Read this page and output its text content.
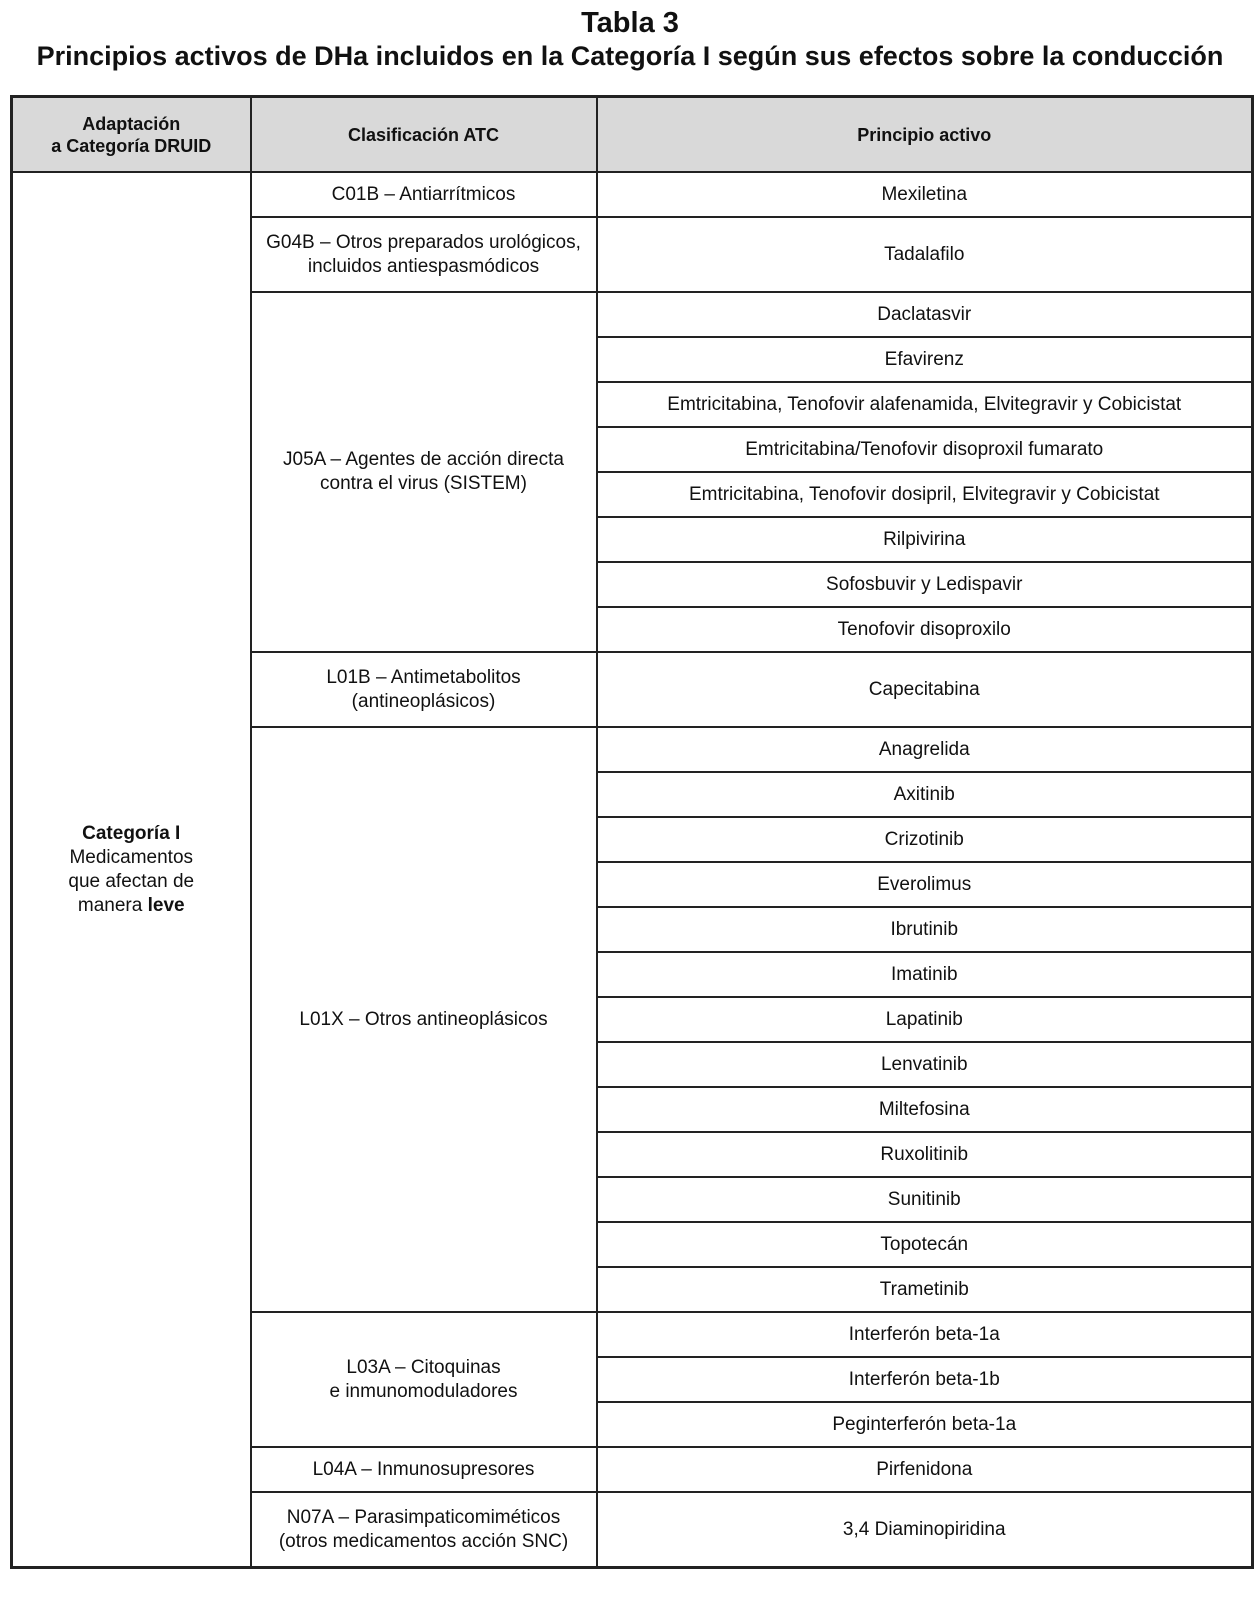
Tabla 3
Principios activos de DHa incluidos en la Categoría I según sus efectos sobre la conducción
Adaptación
a Categoría DRUID	Clasificación ATC	Principio activo

Categoría I
Medicamentos
que afectan de
manera leve	C01B – Antiarrítmicos	Mexiletina

	G04B – Otros preparados urológicos,
incluidos antiespasmódicos	Tadalafilo

	J05A – Agentes de acción directa
contra el virus (SISTEM)	Daclatasvir
		Efavirenz
		Emtricitabina, Tenofovir alafenamida, Elvitegravir y Cobicistat
		Emtricitabina/Tenofovir disoproxil fumarato
		Emtricitabina, Tenofovir dosipril, Elvitegravir y Cobicistat
		Rilpivirina
		Sofosbuvir y Ledispavir
		Tenofovir disoproxilo

	L01B – Antimetabolitos
(antineoplásicos)	Capecitabina

	L01X – Otros antineoplásicos	Anagrelida
		Axitinib
		Crizotinib
		Everolimus
		Ibrutinib
		Imatinib
		Lapatinib
		Lenvatinib
		Miltefosina
		Ruxolitinib
		Sunitinib
		Topotecán
		Trametinib

	L03A – Citoquinas
e inmunomoduladores	Interferón beta-1a
		Interferón beta-1b
		Peginterferón beta-1a

	L04A – Inmunosupresores	Pirfenidona

	N07A – Parasimpaticomiméticos
(otros medicamentos acción SNC)	3,4 Diaminopiridina
